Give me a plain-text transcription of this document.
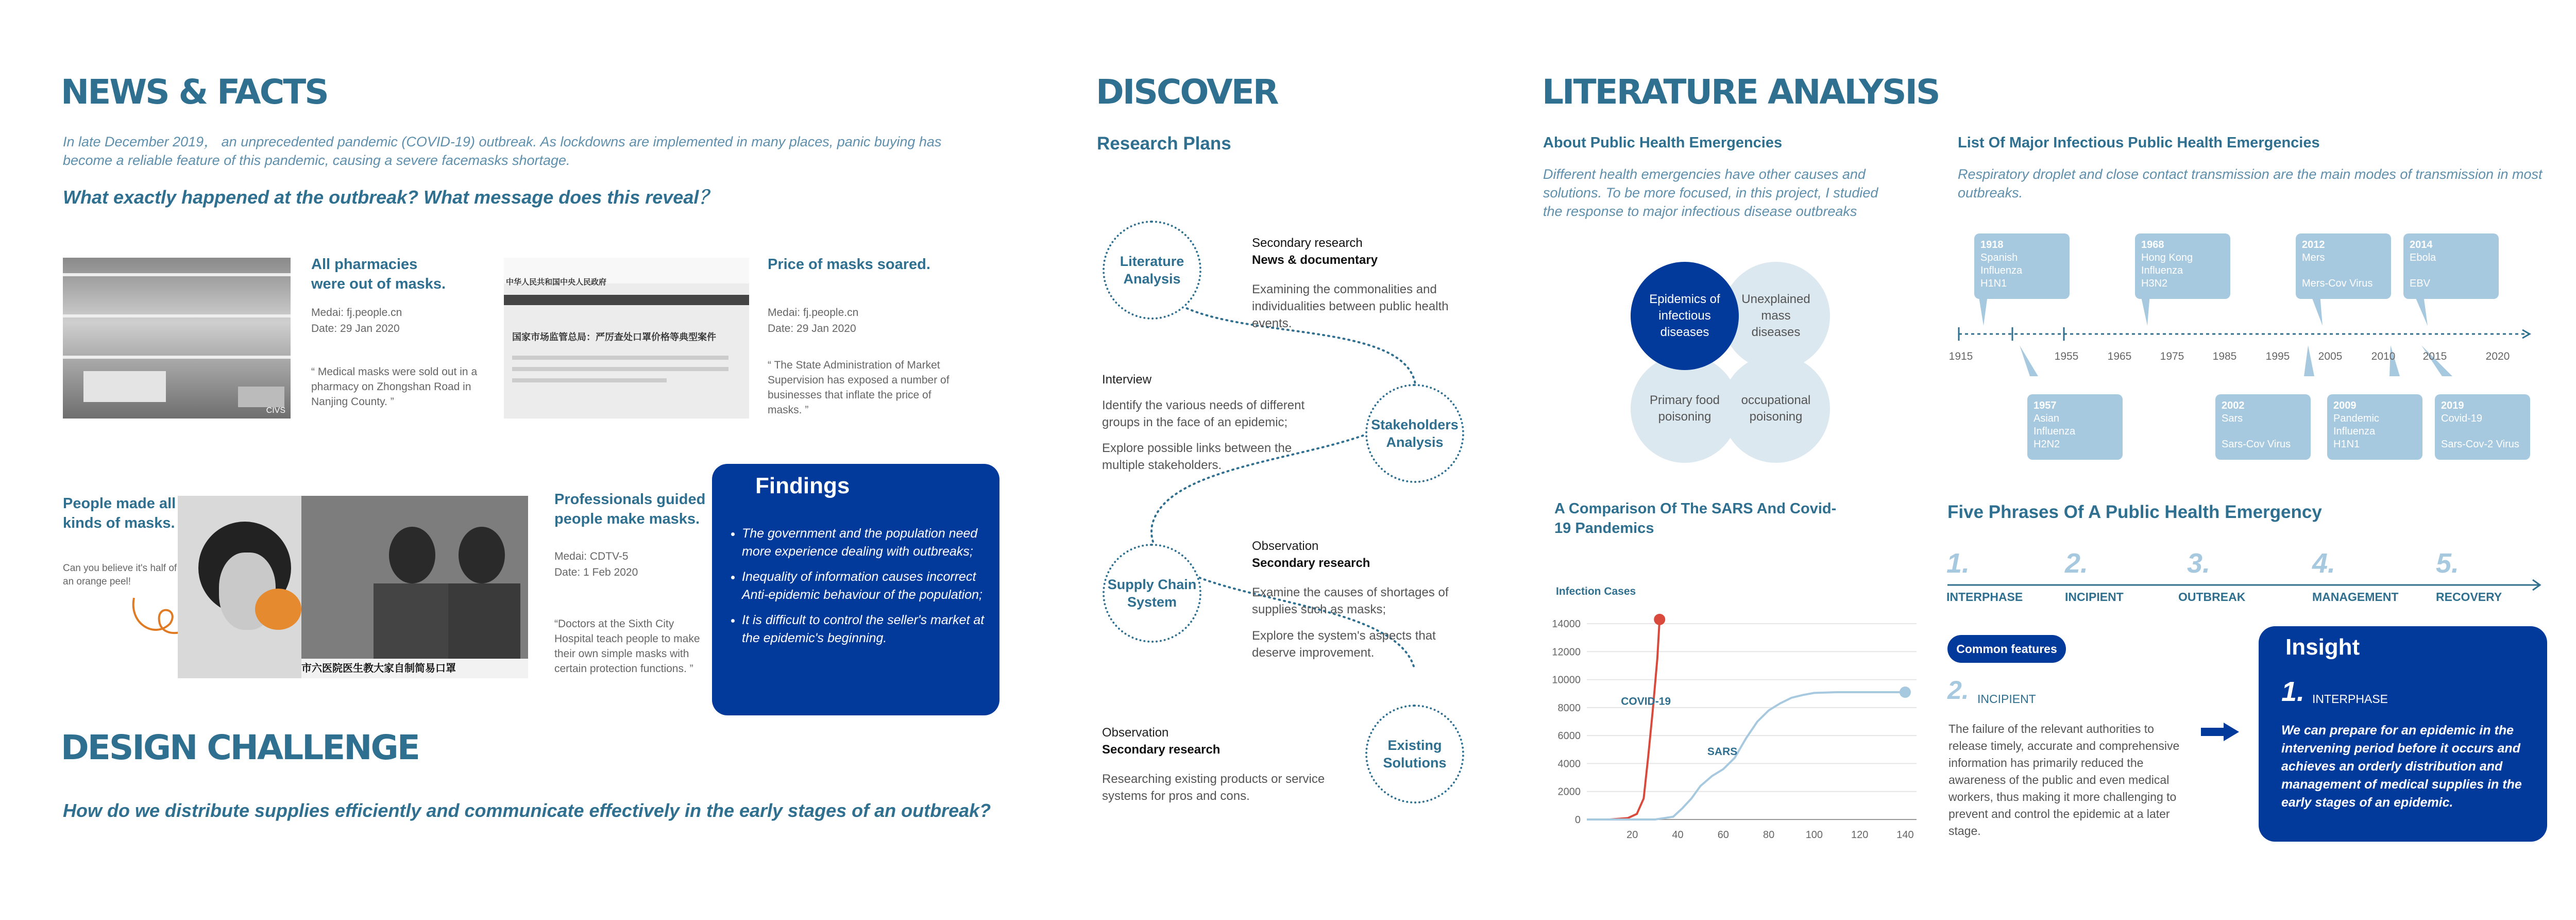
NEWS & FACTS
In late December 2019， an unprecedented pandemic (COVID-19) outbreak. As lockdowns are implemented in many places, panic buying has become a reliable feature of this pandemic, causing a severe facemasks shortage.
What exactly happened at the outbreak? What message does this reveal？
CIVS
All pharmacies were out of masks.
Medai: fj.people.cn
Date: 29 Jan 2020
“ Medical masks were sold out in a pharmacy on Zhongshan Road in Nanjing County. ”
中华人民共和国中央人民政府
国家市场监管总局：严厉查处口罩价格等典型案件
Price of masks soared.
Medai: fj.people.cn
Date: 29 Jan 2020
“ The State Administration of Market Supervision has exposed a number of businesses that inflate the price of masks. ”
People made all kinds of masks.
Can you believe it's half of an orange peel!
市六医院医生教大家自制简易口罩
Professionals guided people make masks.
Medai: CDTV-5
Date: 1 Feb 2020
“Doctors at the Sixth City Hospital teach people to make their own simple masks with certain protection functions. ”
Findings
• The government and the population need more experience dealing with outbreaks;
• Inequality of information causes incorrect Anti-epidemic behaviour of the population;
• It is difficult to control the seller's market at the epidemic's beginning.
DESIGN CHALLENGE
How do we distribute supplies efficiently and communicate effectively in the early stages of an outbreak?
DISCOVER
Research Plans
Literature Analysis
Stakeholders Analysis
Supply Chain System
Existing Solutions
Secondary research
News & documentary
Examining the commonalities and individualities between public health events.
Interview
Identify the various needs of different groups in the face of an epidemic;
Explore possible links between the multiple stakeholders.
Observation
Secondary research
Examine the causes of shortages of supplies such as masks;
Explore the system's aspects that deserve improvement.
Observation
Secondary research
Researching existing products or service systems for pros and cons.
LITERATURE ANALYSIS
About Public Health Emergencies
Different health emergencies have other causes and solutions. To be more focused, in this project, I studied the response to major infectious disease outbreaks
Primary food poisoning
occupational poisoning
Unexplained mass diseases
Epidemics of infectious diseases
List Of Major Infectious Public Health Emergencies
Respiratory droplet and close contact transmission are the main modes of transmission in most outbreaks.
1915	1955	1965	1975	1985	1995	2005	2010	2015	2020
1918
Spanish
Influenza
H1N1
1968
Hong Kong
Influenza
H3N2
2012
Mers

Mers-Cov Virus
2014
Ebola

EBV
1957
Asian
Influenza
H2N2
2002
Sars

Sars-Cov Virus
2009
Pandemic
Influenza
H1N1
2019
Covid-19

Sars-Cov-2 Virus
A Comparison Of The SARS And Covid-19 Pandemics
Infection Cases
0
2000
4000
6000
8000
10000
12000
14000
20	40	60	80	100	120	140
COVID-19
SARS
Five Phrases Of A Public Health Emergency
1.	2.	3.	4.	5.
INTERPHASE	INCIPIENT	OUTBREAK	MANAGEMENT	RECOVERY
Common features
2. INCIPIENT
The failure of the relevant authorities to release timely, accurate and comprehensive information has primarily reduced the awareness of the public and even medical workers, thus making it more challenging to prevent and control the epidemic at a later stage.
Insight
1. INTERPHASE
We can prepare for an epidemic in the intervening period before it occurs and achieves an orderly distribution and management of medical supplies in the early stages of an epidemic.
